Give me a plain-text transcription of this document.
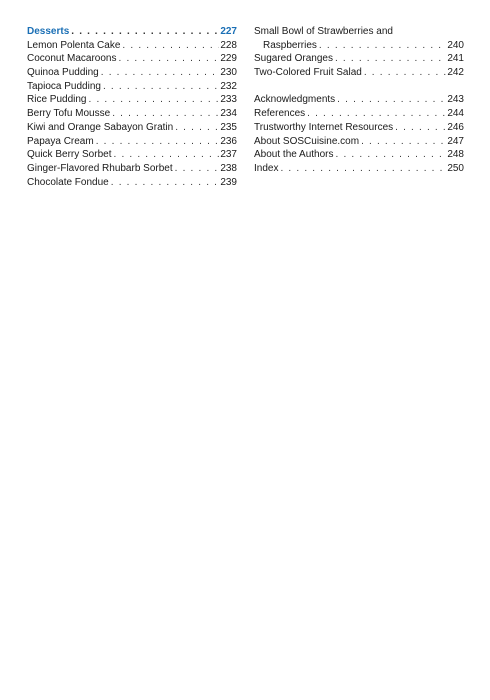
Desserts . . .	227
Lemon Polenta Cake . . .	228
Coconut Macaroons . . .	229
Quinoa Pudding . . .	230
Tapioca Pudding . . .	232
Rice Pudding . . .	233
Berry Tofu Mousse . . .	234
Kiwi and Orange Sabayon Gratin . . .	235
Papaya Cream . . .	236
Quick Berry Sorbet . . .	237
Ginger-Flavored Rhubarb Sorbet . . .	238
Chocolate Fondue . . .	239
Small Bowl of Strawberries and
Raspberries . . .	240
Sugared Oranges . . .	241
Two-Colored Fruit Salad . . .	242
Acknowledgments . . .	243
References . . .	244
Trustworthy Internet Resources . . .	246
About SOSCuisine.com . . .	247
About the Authors . . .	248
Index . . .	250
